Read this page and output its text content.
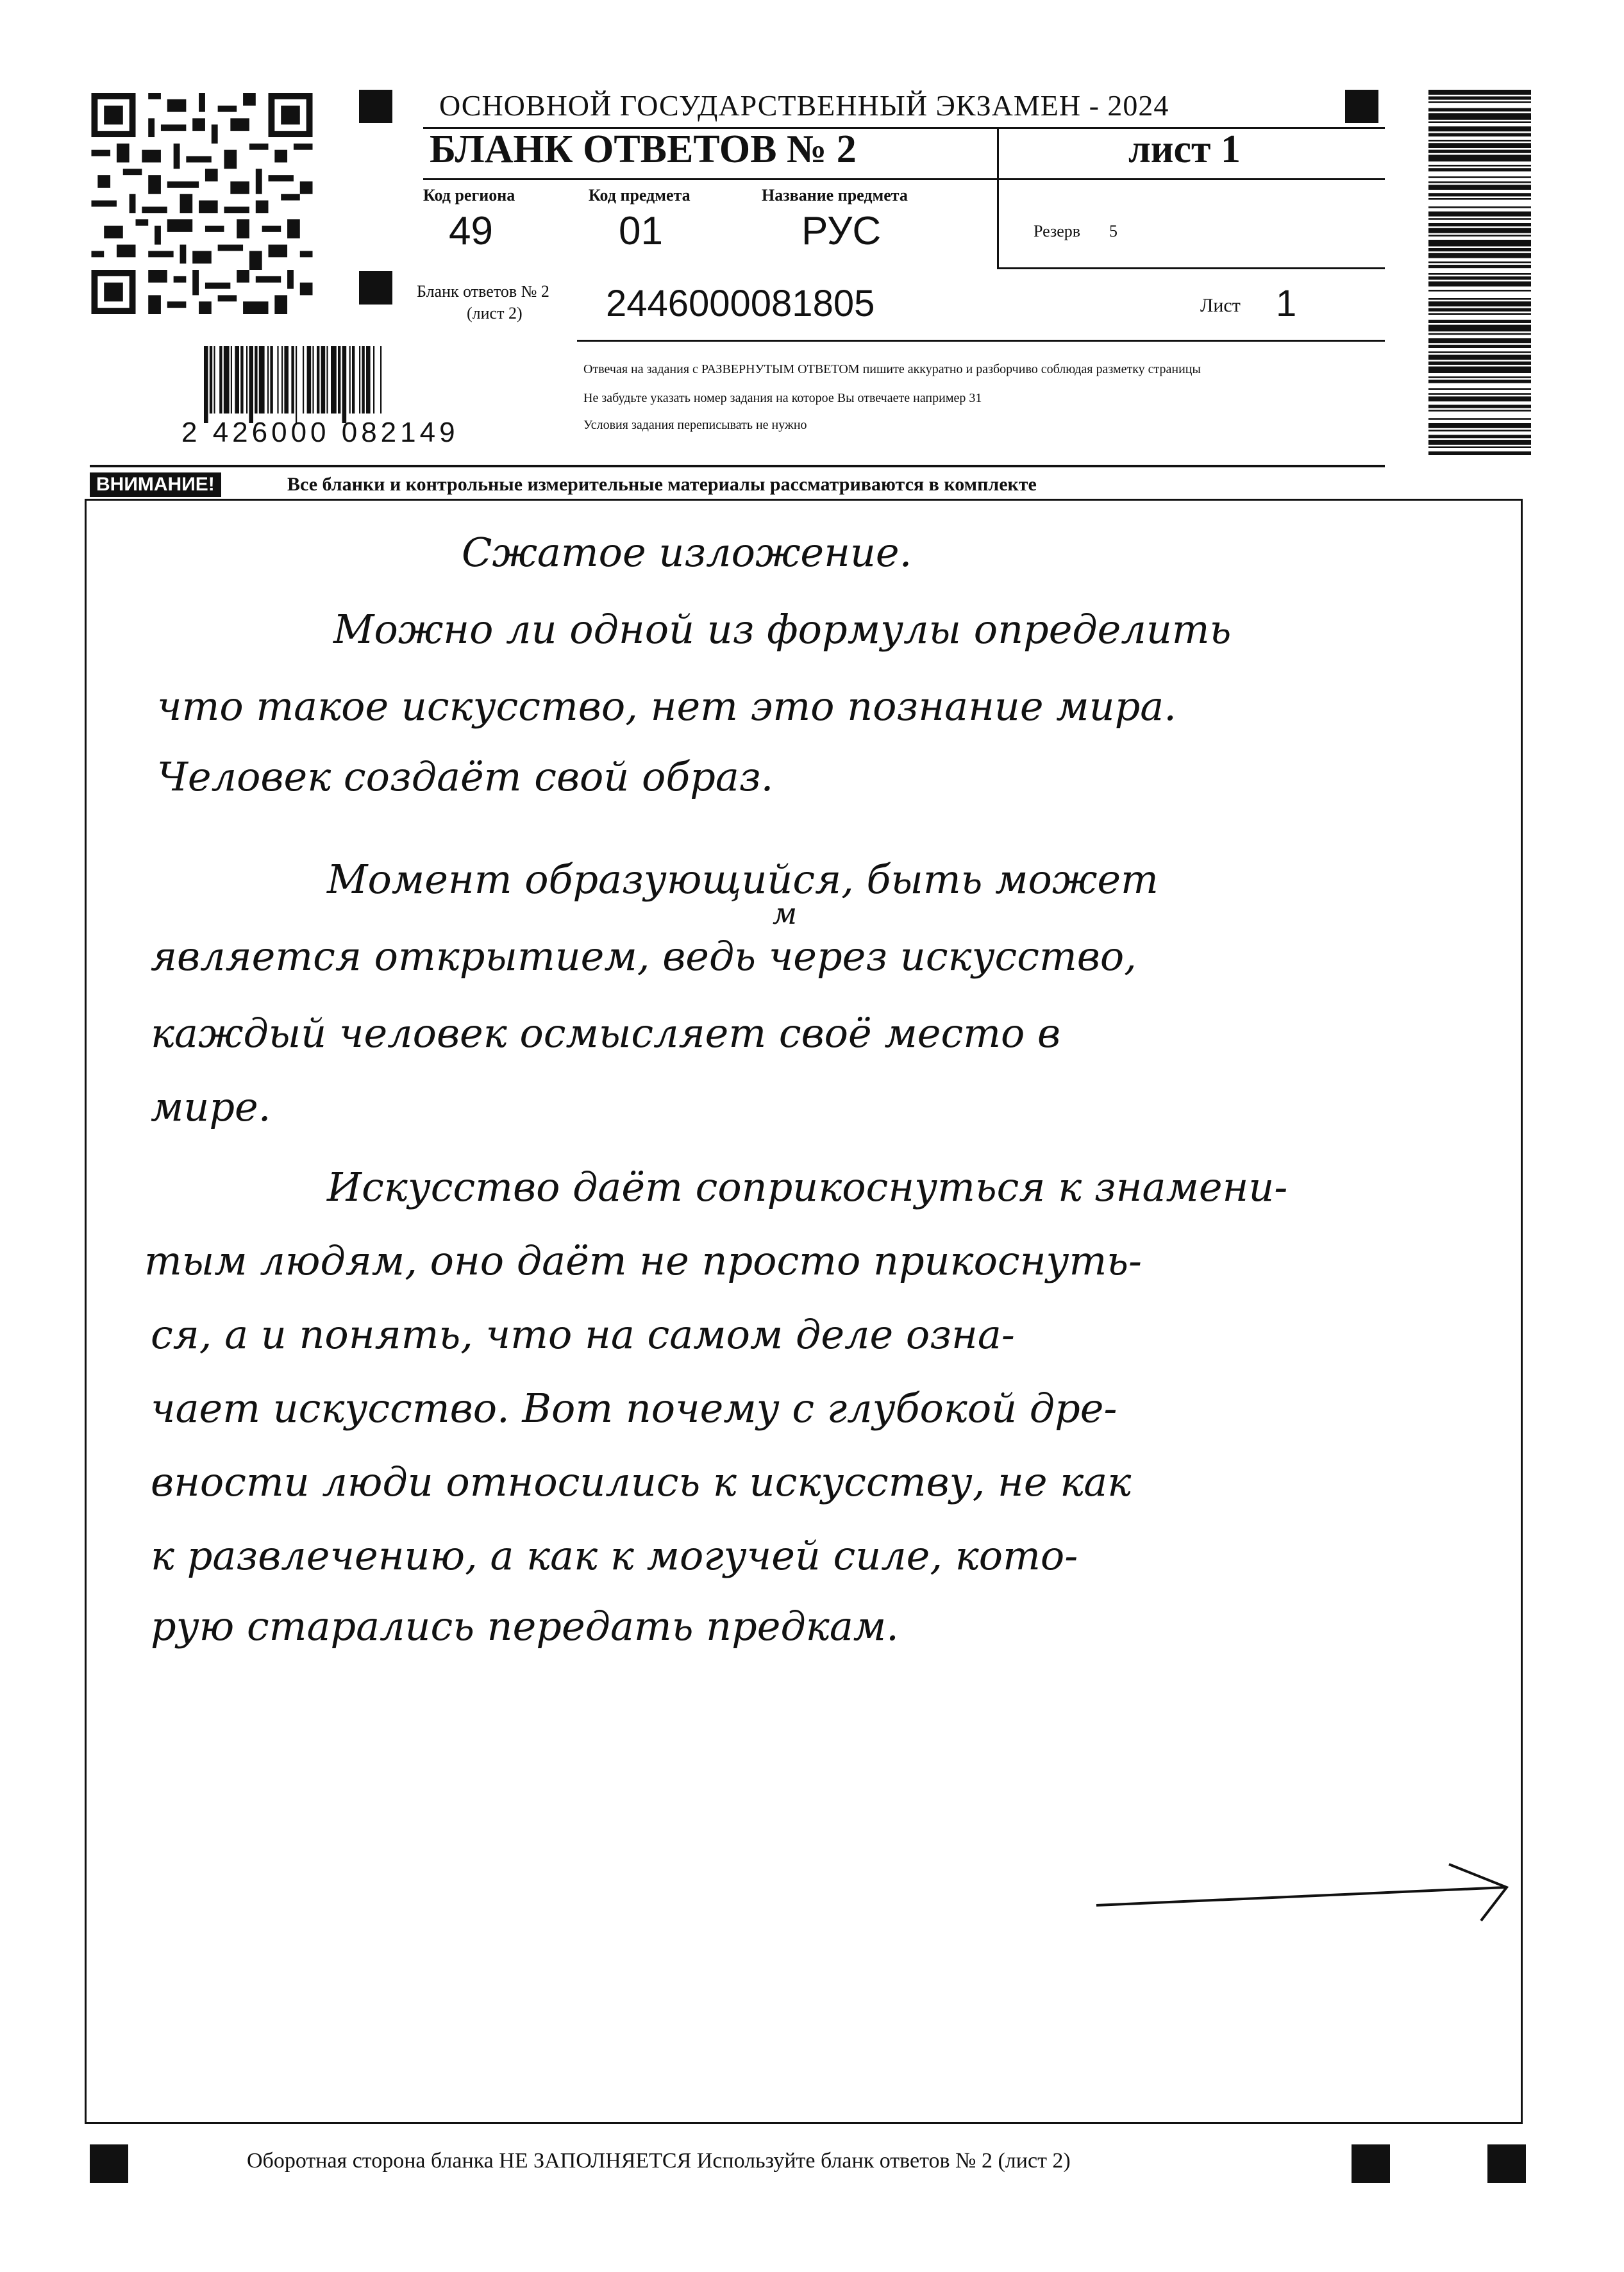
ОСНОВНОЙ ГОСУДАРСТВЕННЫЙ ЭКЗАМЕН - 2024
БЛАНК ОТВЕТОВ № 2	лист 1
Код региона
49
Код предмета
01
Название предмета
РУС	Резерв 5
Бланк ответов № 2
(лист 2) 2446000081805	Лист 1
Отвечая на задания с РАЗВЕРНУТЫМ ОТВЕТОМ пишите аккуратно и разборчиво соблюдая разметку страницы
Не забудьте указать номер задания на которое Вы отвечаете например 31
Условия задания переписывать не нужно
2 426000 082149
ВНИМАНИЕ!	Все бланки и контрольные измерительные материалы рассматриваются в комплекте
Сжатое изложение.
Можно ли одной из формулы определить
что такое искусство, нет это познание мира.
Человек создаёт свой образ.
Момент образующийся, быть может
м
является открытием, ведь через искусство,
каждый человек осмысляет своё место в
мире.
Искусство даёт соприкоснуться к знамени-
тым людям, оно даёт не просто прикоснуть-
ся, а и понять, что на самом деле озна-
чает искусство. Вот почему с глубокой дре-
вности люди относились к искусству, не как
к развлечению, а как к могучей силе, кото-
рую старались передать предкам.
Оборотная сторона бланка НЕ ЗАПОЛНЯЕТСЯ Используйте бланк ответов № 2 (лист 2)
